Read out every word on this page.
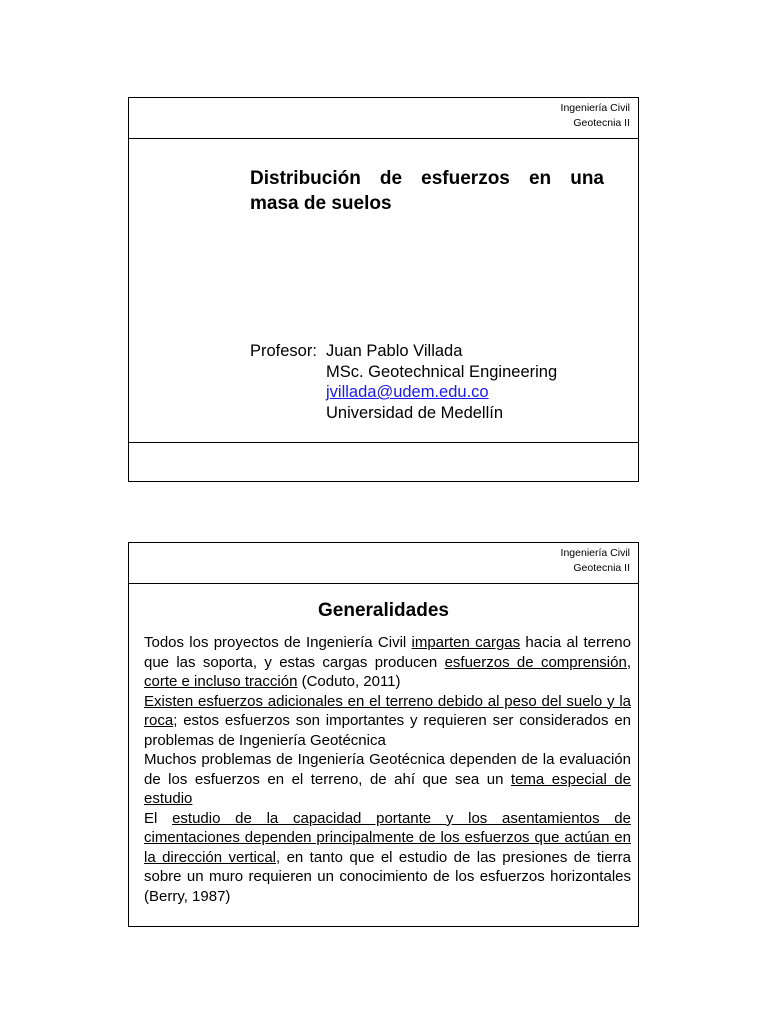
Ingeniería Civil
Geotecnia II
Distribución de esfuerzos en una
masa de suelos
Profesor: Juan Pablo Villada
MSc. Geotechnical Engineering
jvillada@udem.edu.co
Universidad de Medellín
Ingeniería Civil
Geotecnia II
Generalidades

Todos los proyectos de Ingeniería Civil imparten cargas hacia al terreno que las soporta, y estas cargas producen esfuerzos de comprensión, corte e incluso tracción (Coduto, 2011)

Existen esfuerzos adicionales en el terreno debido al peso del suelo y la roca; estos esfuerzos son importantes y requieren ser considerados en problemas de Ingeniería Geotécnica

Muchos problemas de Ingeniería Geotécnica dependen de la evaluación de los esfuerzos en el terreno, de ahí que sea un tema especial de estudio

El estudio de la capacidad portante y los asentamientos de cimentaciones dependen principalmente de los esfuerzos que actúan en la dirección vertical, en tanto que el estudio de las presiones de tierra sobre un muro requieren un conocimiento de los esfuerzos horizontales (Berry, 1987)
